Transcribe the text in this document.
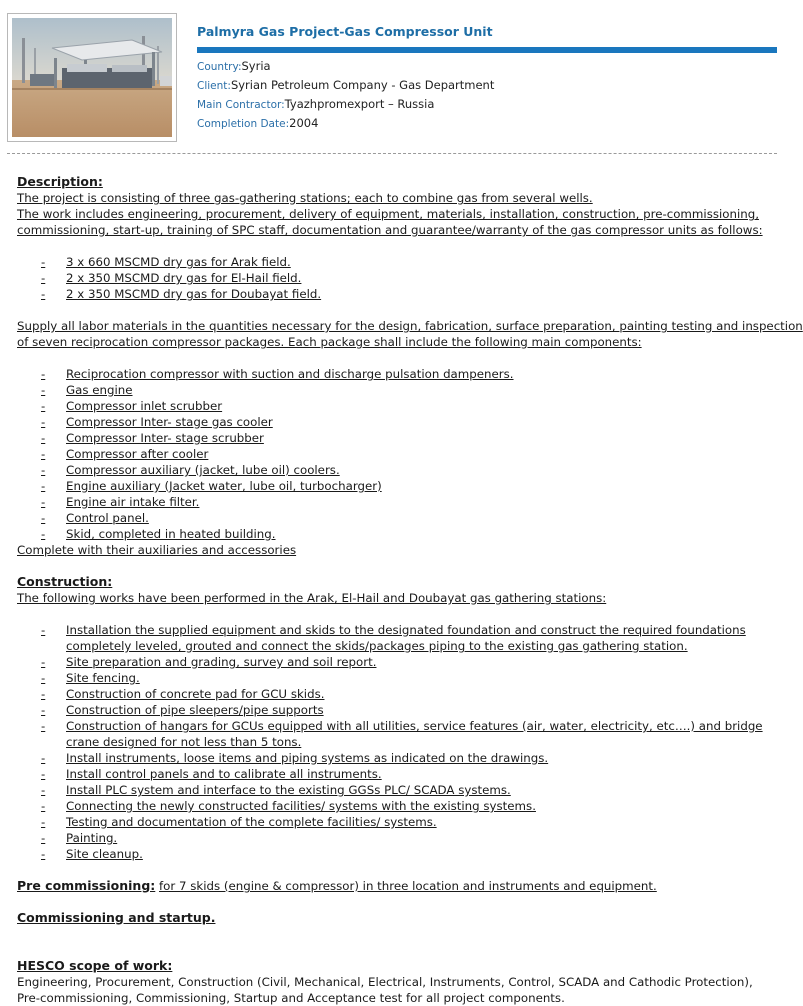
Palmyra Gas Project-Gas Compressor Unit
Country:Syria
Client:Syrian Petroleum Company - Gas Department
Main Contractor:Tyazhpromexport – Russia
Completion Date:2004
Description:
The project is consisting of three gas-gathering stations; each to combine gas from several wells.
The work includes engineering, procurement, delivery of equipment, materials, installation, construction, pre-commissioning,
commissioning, start-up, training of SPC staff, documentation and guarantee/warranty of the gas compressor units as follows:
-	3 x 660 MSCMD dry gas for Arak field.
-	2 x 350 MSCMD dry gas for El-Hail field.
-	2 x 350 MSCMD dry gas for Doubayat field.
Supply all labor materials in the quantities necessary for the design, fabrication, surface preparation, painting testing and inspection
of seven reciprocation compressor packages. Each package shall include the following main components:
-	Reciprocation compressor with suction and discharge pulsation dampeners.
-	Gas engine
-	Compressor inlet scrubber
-	Compressor Inter- stage gas cooler
-	Compressor Inter- stage scrubber
-	Compressor after cooler
-	Compressor auxiliary (jacket, lube oil) coolers.
-	Engine auxiliary (Jacket water, lube oil, turbocharger)
-	Engine air intake filter.
-	Control panel.
-	Skid, completed in heated building.
Complete with their auxiliaries and accessories
Construction:
The following works have been performed in the Arak, El-Hail and Doubayat gas gathering stations:
-	Installation the supplied equipment and skids to the designated foundation and construct the required foundations completely leveled, grouted and connect the skids/packages piping to the existing gas gathering station.
-	Site preparation and grading, survey and soil report.
-	Site fencing.
-	Construction of concrete pad for GCU skids.
-	Construction of pipe sleepers/pipe supports
-	Construction of hangars for GCUs equipped with all utilities, service features (air, water, electricity, etc….) and bridge crane designed for not less than 5 tons.
-	Install instruments, loose items and piping systems as indicated on the drawings.
-	Install control panels and to calibrate all instruments.
-	Install PLC system and interface to the existing GGSs PLC/ SCADA systems.
-	Connecting the newly constructed facilities/ systems with the existing systems.
-	Testing and documentation of the complete facilities/ systems.
-	Painting.
-	Site cleanup.
Pre commissioning: for 7 skids (engine & compressor) in three location and instruments and equipment.
Commissioning and startup.
HESCO scope of work:
Engineering, Procurement, Construction (Civil, Mechanical, Electrical, Instruments, Control, SCADA and Cathodic Protection), Pre-commissioning, Commissioning, Startup and Acceptance test for all project components.
